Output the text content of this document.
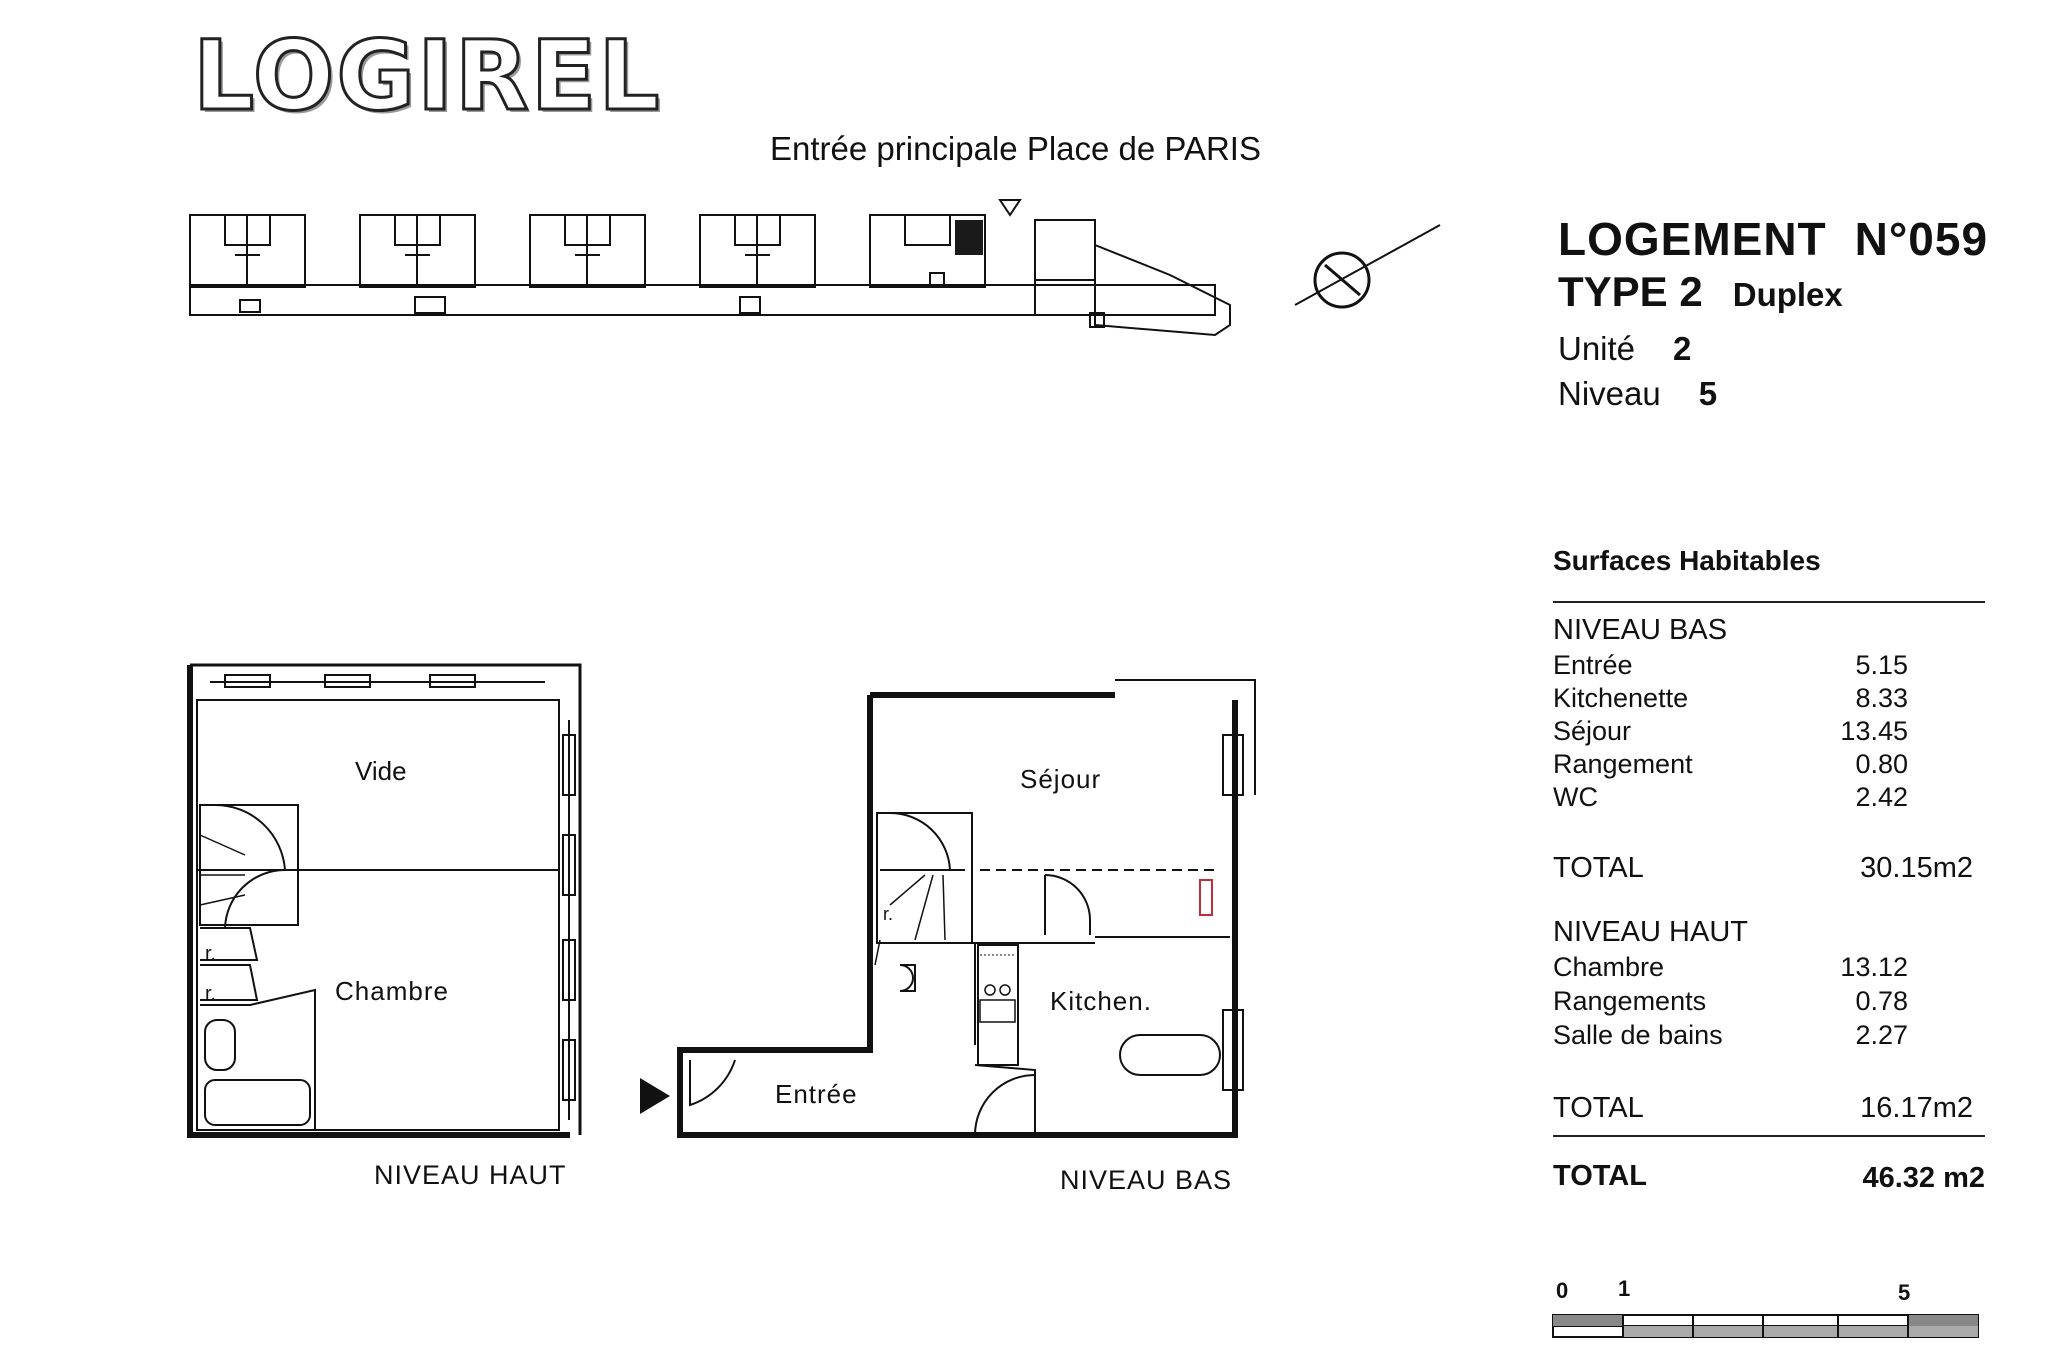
LOGIREL
Entrée principale Place de PARIS
LOGEMENT N°059
TYPE 2 Duplex
Unité 2
Niveau 5
Surfaces Habitables
NIVEAU BAS
Entrée	5.15
Kitchenette	8.33
Séjour	13.45
Rangement	0.80
WC	2.42
TOTAL	30.15m2
NIVEAU HAUT
Chambre	13.12
Rangements	0.78
Salle de bains	2.27
TOTAL	16.17m2
TOTAL	46.32 m2
0 1	5
Vide
Chambre
r.
r.
NIVEAU HAUT
Séjour
Kitchen.
Entrée
r.
NIVEAU BAS
